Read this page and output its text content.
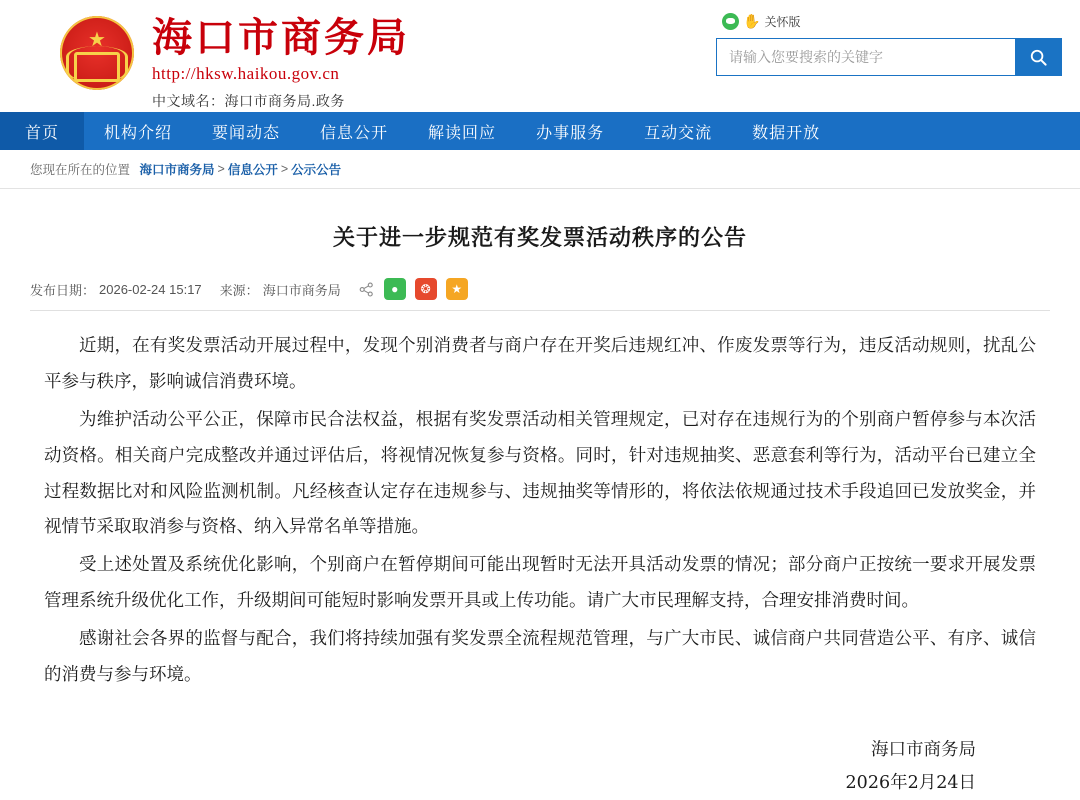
★ 海口市商务局
http://hksw.haikou.gov.cn
中文域名：海口市商务局.政务
✋ 关怀版
请输入您要搜索的关键字
首页	机构介绍	要闻动态	信息公开	解读回应	办事服务	互动交流	数据开放
您现在所在的位置
海口市商务局 > 信息公开 > 公示公告
关于进一步规范有奖发票活动秩序的公告
发布日期： 2026-02-24 15:17 来源： 海口市商务局	●	❂	★

近期，在有奖发票活动开展过程中，发现个别消费者与商户存在开奖后违规红冲、作废发票等行为，违反活动规则，扰乱公平参与秩序，影响诚信消费环境。

为维护活动公平公正，保障市民合法权益，根据有奖发票活动相关管理规定，已对存在违规行为的个别商户暂停参与本次活动资格。相关商户完成整改并通过评估后，将视情况恢复参与资格。同时，针对违规抽奖、恶意套利等行为，活动平台已建立全过程数据比对和风险监测机制。凡经核查认定存在违规参与、违规抽奖等情形的，将依法依规通过技术手段追回已发放奖金，并视情节采取取消参与资格、纳入异常名单等措施。

受上述处置及系统优化影响，个别商户在暂停期间可能出现暂时无法开具活动发票的情况；部分商户正按统一要求开展发票管理系统升级优化工作，升级期间可能短时影响发票开具或上传功能。请广大市民理解支持，合理安排消费时间。

感谢社会各界的监督与配合，我们将持续加强有奖发票全流程规范管理，与广大市民、诚信商户共同营造公平、有序、诚信的消费与参与环境。

海口市商务局
2026年2月24日
